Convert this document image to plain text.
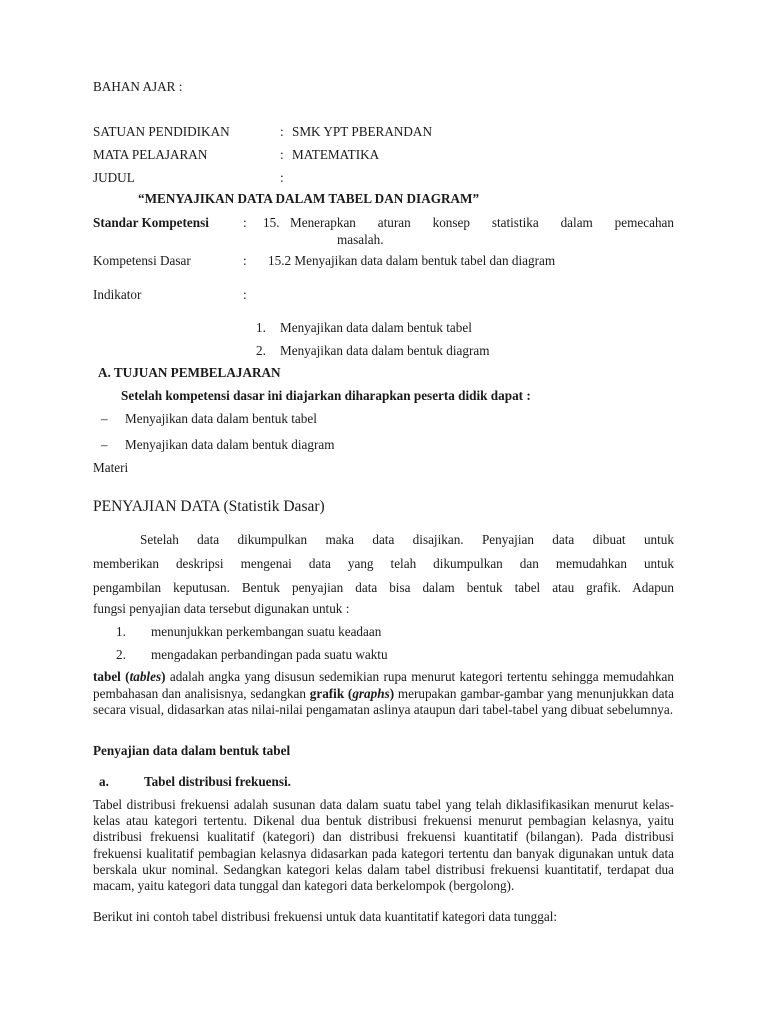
BAHAN AJAR :
SATUAN PENDIDIKAN	: SMK YPT PBERANDAN
MATA PELAJARAN	: MATEMATIKA
JUDUL	:
“MENYAJIKAN DATA DALAM TABEL DAN DIAGRAM”
Standar Kompetensi	: 15. Menerapkan aturan konsep statistika dalam pemecahan
masalah.
Kompetensi Dasar	: 15.2 Menyajikan data dalam bentuk tabel dan diagram
Indikator	:
1. Menyajikan data dalam bentuk tabel
2. Menyajikan data dalam bentuk diagram
A. TUJUAN PEMBELAJARAN
Setelah kompetensi dasar ini diajarkan diharapkan peserta didik dapat :
– Menyajikan data dalam bentuk tabel
– Menyajikan data dalam bentuk diagram
Materi
PENYAJIAN DATA (Statistik Dasar)
Setelah data dikumpulkan maka data disajikan. Penyajian data dibuat untuk
memberikan deskripsi mengenai data yang telah dikumpulkan dan memudahkan untuk
pengambilan keputusan. Bentuk penyajian data bisa dalam bentuk tabel atau grafik. Adapun
fungsi penyajian data tersebut digunakan untuk :
1. menunjukkan perkembangan suatu keadaan
2. mengadakan perbandingan pada suatu waktu
tabel (tables) adalah angka yang disusun sedemikian rupa menurut kategori tertentu sehingga memudahkan pembahasan dan analisisnya, sedangkan grafik (graphs) merupakan gambar-gambar yang menunjukkan data secara visual, didasarkan atas nilai-nilai pengamatan aslinya ataupun dari tabel-tabel yang dibuat sebelumnya.
Penyajian data dalam bentuk tabel
a.	Tabel distribusi frekuensi.
Tabel distribusi frekuensi adalah susunan data dalam suatu tabel yang telah diklasifikasikan menurut kelas-kelas atau kategori tertentu. Dikenal dua bentuk distribusi frekuensi menurut pembagian kelasnya, yaitu distribusi frekuensi kualitatif (kategori) dan distribusi frekuensi kuantitatif (bilangan). Pada distribusi frekuensi kualitatif pembagian kelasnya didasarkan pada kategori tertentu dan banyak digunakan untuk data berskala ukur nominal. Sedangkan kategori kelas dalam tabel distribusi frekuensi kuantitatif, terdapat dua macam, yaitu kategori data tunggal dan kategori data berkelompok (bergolong).
Berikut ini contoh tabel distribusi frekuensi untuk data kuantitatif kategori data tunggal:
